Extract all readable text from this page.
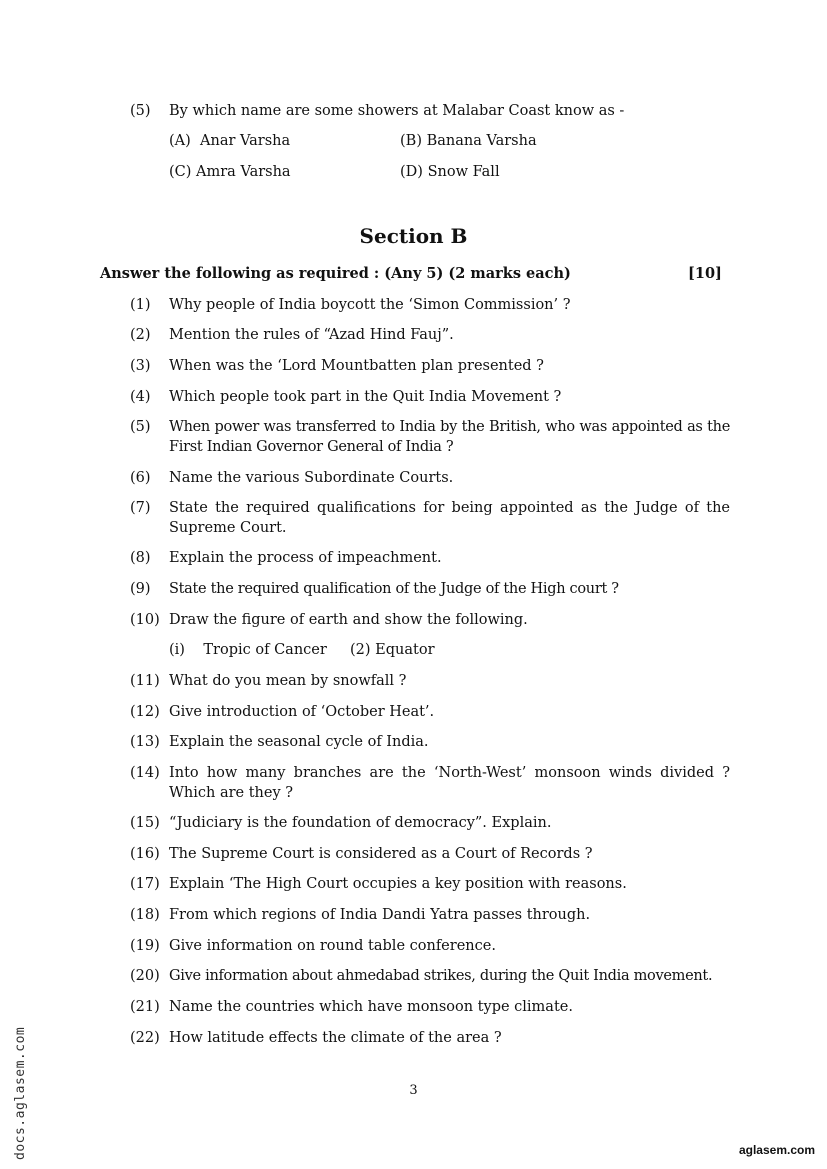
(5)	By which name are some showers at Malabar Coast know as -
(A) Anar Varsha	(B) Banana Varsha
(C) Amra Varsha	(D) Snow Fall
Section B
Answer the following as required : (Any 5) (2 marks each)	[10]
(1)	Why people of India boycott the ‘Simon Commission’ ?
(2)	Mention the rules of “Azad Hind Fauj”.
(3)	When was the ‘Lord Mountbatten plan presented ?
(4)	Which people took part in the Quit India Movement ?
(5)	When power was transferred to India by the British, who was appointed as the First Indian Governor General of India ?
(6)	Name the various Subordinate Courts.
(7)	State the required qualifications for being appointed as the Judge of the Supreme Court.
(8)	Explain the process of impeachment.
(9)	State the required qualification of the Judge of the High court ?
(10) Draw the figure of earth and show the following.
(i) Tropic of Cancer (2) Equator
(11) What do you mean by snowfall ?
(12) Give introduction of ‘October Heat’.
(13) Explain the seasonal cycle of India.
(14) Into how many branches are the ‘North-West’ monsoon winds divided ? Which are they ?
(15) “Judiciary is the foundation of democracy”. Explain.
(16) The Supreme Court is considered as a Court of Records ?
(17) Explain ‘The High Court occupies a key position with reasons.
(18) From which regions of India Dandi Yatra passes through.
(19) Give information on round table conference.
(20) Give information about ahmedabad strikes, during the Quit India movement.
(21) Name the countries which have monsoon type climate.
(22) How latitude effects the climate of the area ?
3
docs.aglasem.com	aglasem.com
